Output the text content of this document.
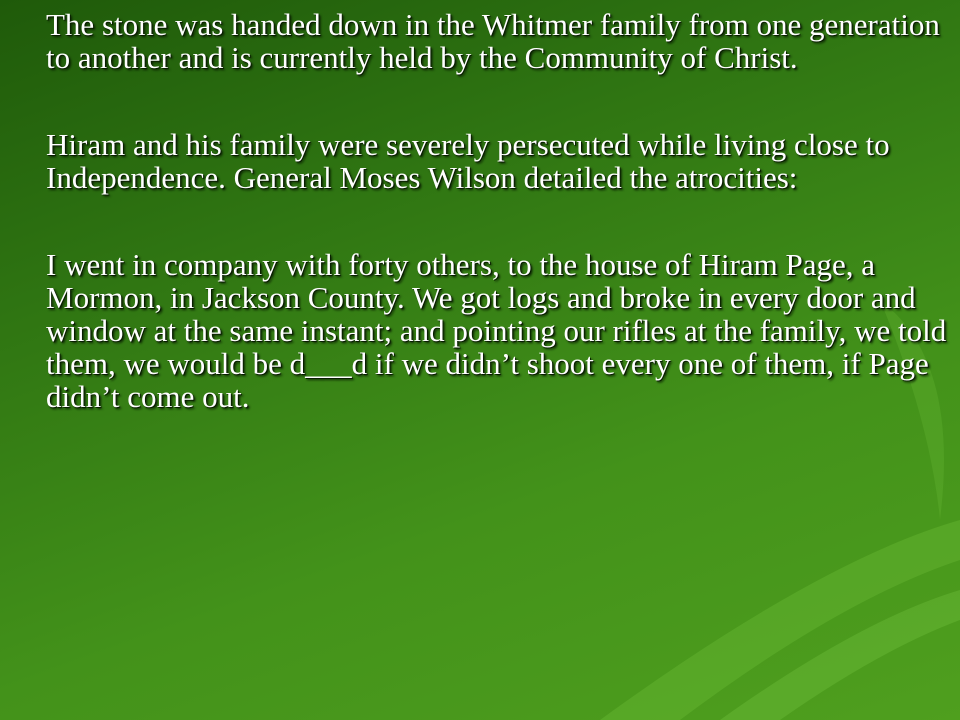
The stone was handed down in the Whitmer family from one generation to another and is currently held by the Community of Christ.

Hiram and his family were severely persecuted while living close to Independence. General Moses Wilson detailed the atrocities:

I went in company with forty others, to the house of Hiram Page, a Mormon, in Jackson County. We got logs and broke in every door and window at the same instant; and pointing our rifles at the family, we told them, we would be d___d if we didn’t shoot every one of them, if Page didn’t come out.
